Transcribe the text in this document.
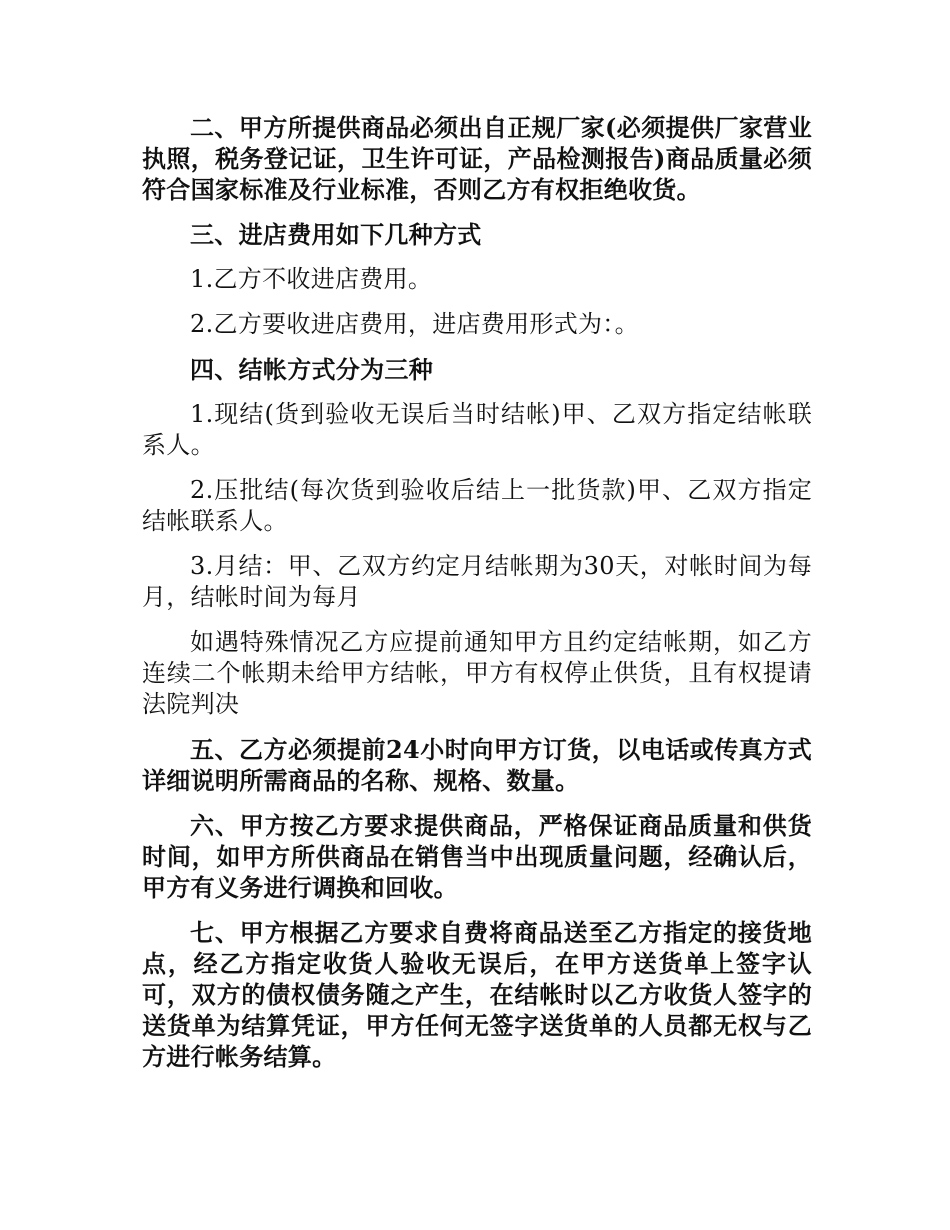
二、甲方所提供商品必须出自正规厂家(必须提供厂家营业执照，税务登记证，卫生许可证，产品检测报告)商品质量必须符合国家标准及行业标准，否则乙方有权拒绝收货。

三、进店费用如下几种方式

1.乙方不收进店费用。

2.乙方要收进店费用，进店费用形式为：。

四、结帐方式分为三种

1.现结(货到验收无误后当时结帐)甲、乙双方指定结帐联系人。

2.压批结(每次货到验收后结上一批货款)甲、乙双方指定结帐联系人。

3.月结：甲、乙双方约定月结帐期为30天，对帐时间为每月，结帐时间为每月

如遇特殊情况乙方应提前通知甲方且约定结帐期，如乙方连续二个帐期未给甲方结帐，甲方有权停止供货，且有权提请法院判决

五、乙方必须提前24小时向甲方订货，以电话或传真方式详细说明所需商品的名称、规格、数量。

六、甲方按乙方要求提供商品，严格保证商品质量和供货时间，如甲方所供商品在销售当中出现质量问题，经确认后，甲方有义务进行调换和回收。

七、甲方根据乙方要求自费将商品送至乙方指定的接货地点，经乙方指定收货人验收无误后，在甲方送货单上签字认可，双方的债权债务随之产生，在结帐时以乙方收货人签字的送货单为结算凭证，甲方任何无签字送货单的人员都无权与乙方进行帐务结算。
